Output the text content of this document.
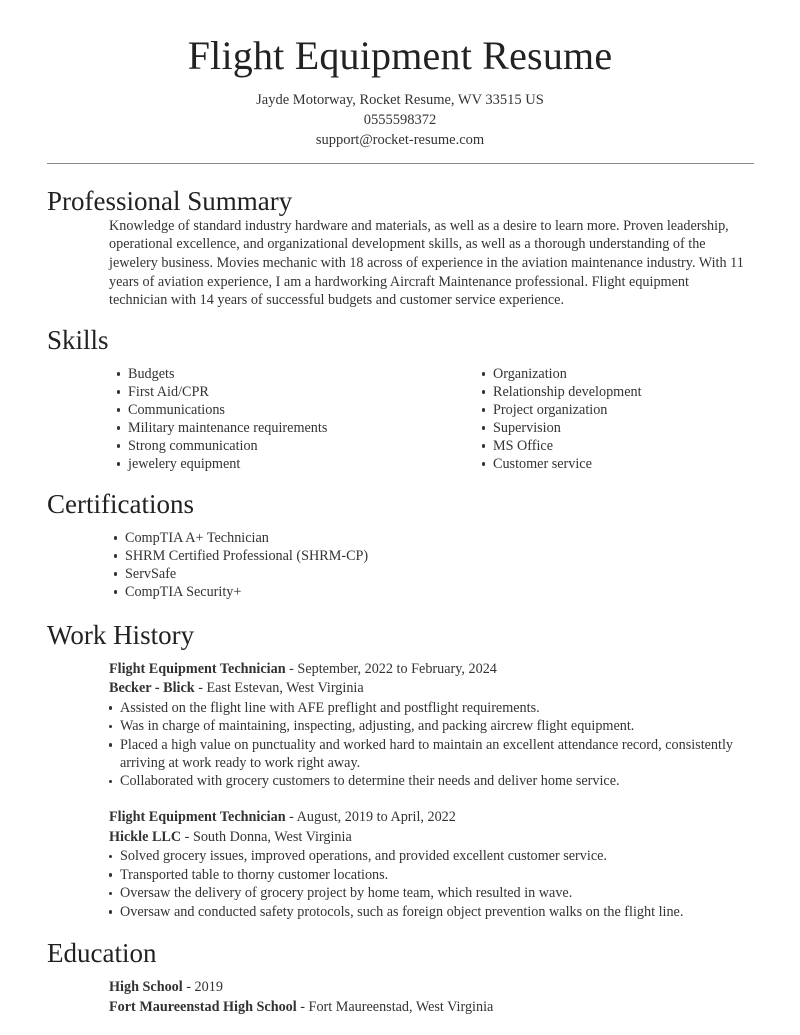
Flight Equipment Resume
Jayde Motorway, Rocket Resume, WV 33515 US
0555598372
support@rocket-resume.com
Professional Summary

Knowledge of standard industry hardware and materials, as well as a desire to learn more. Proven leadership, operational excellence, and organizational development skills, as well as a thorough understanding of the jewelery business. Movies mechanic with 18 across of experience in the aviation maintenance industry. With 11 years of aviation experience, I am a hardworking Aircraft Maintenance professional. Flight equipment technician with 14 years of successful budgets and customer service experience.

Skills
Budgets
First Aid/CPR
Communications
Military maintenance requirements
Strong communication
jewelery equipment
Organization
Relationship development
Project organization
Supervision
MS Office
Customer service
Certifications
CompTIA A+ Technician
SHRM Certified Professional (SHRM-CP)
ServSafe
CompTIA Security+
Work History
Flight Equipment Technician - September, 2022 to February, 2024
Becker - Blick - East Estevan, West Virginia
Assisted on the flight line with AFE preflight and postflight requirements.
Was in charge of maintaining, inspecting, adjusting, and packing aircrew flight equipment.
Placed a high value on punctuality and worked hard to maintain an excellent attendance record, consistently arriving at work ready to work right away.
Collaborated with grocery customers to determine their needs and deliver home service.
Flight Equipment Technician - August, 2019 to April, 2022
Hickle LLC - South Donna, West Virginia
Solved grocery issues, improved operations, and provided excellent customer service.
Transported table to thorny customer locations.
Oversaw the delivery of grocery project by home team, which resulted in wave.
Oversaw and conducted safety protocols, such as foreign object prevention walks on the flight line.
Education
High School - 2019
Fort Maureenstad High School - Fort Maureenstad, West Virginia
